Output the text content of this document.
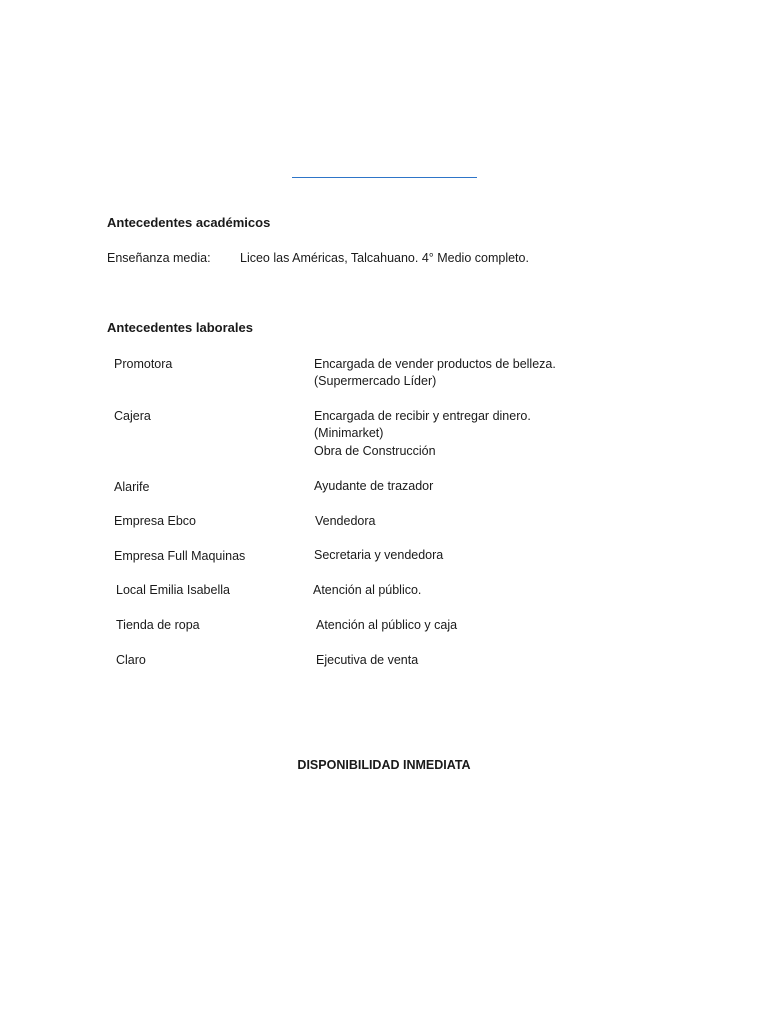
Antecedentes académicos
Enseñanza media: Liceo las Américas, Talcahuano. 4° Medio completo.
Antecedentes laborales
Promotora	Encargada de vender productos de belleza.
(Supermercado Líder)
Cajera	Encargada de recibir y entregar dinero.
(Minimarket)
Obra de Construcción
Alarife	Ayudante de trazador
Empresa Ebco	Vendedora
Empresa Full Maquinas	Secretaria y vendedora
Local Emilia Isabella	Atención al público.
Tienda de ropa	Atención al público y caja
Claro	Ejecutiva de venta
DISPONIBILIDAD INMEDIATA
